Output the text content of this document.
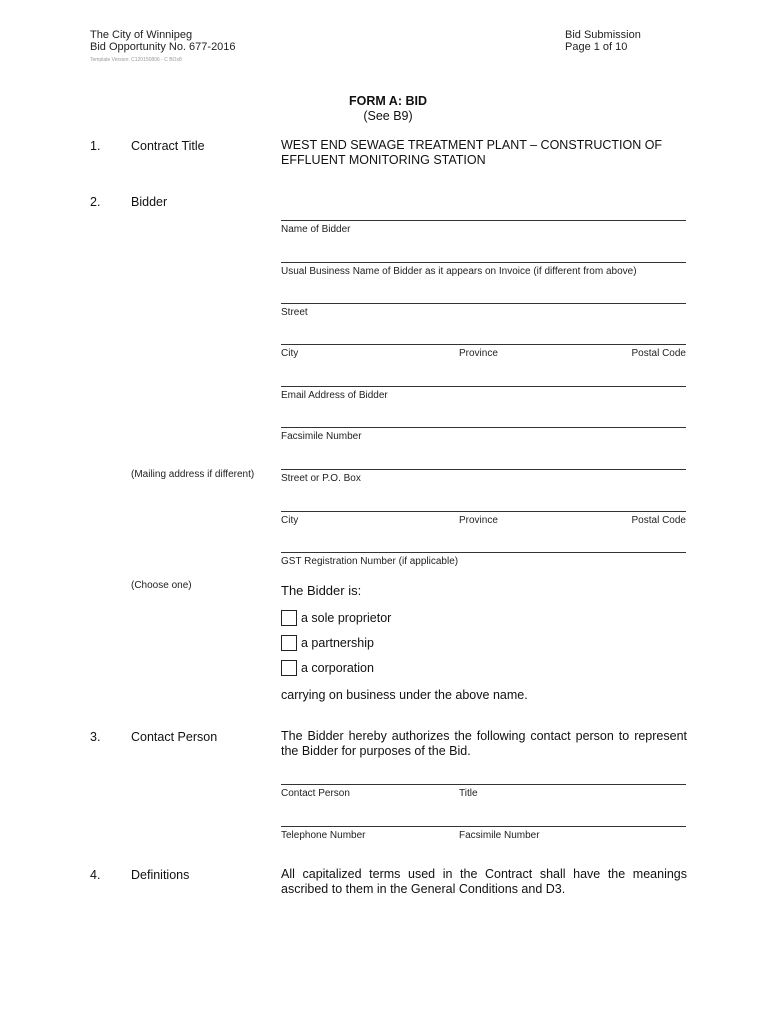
The City of Winnipeg
Bid Opportunity No. 677-2016
Template Version: C120150806 - C BOx8
Bid Submission
Page 1 of 10
FORM A: BID
(See B9)
1. Contract Title	WEST END SEWAGE TREATMENT PLANT – CONSTRUCTION OF
EFFLUENT MONITORING STATION
2. Bidder
Name of Bidder
Usual Business Name of Bidder as it appears on Invoice (if different from above)
Street
City	Province	Postal Code
Email Address of Bidder
Facsimile Number
(Mailing address if different)	Street or P.O. Box
City	Province	Postal Code
GST Registration Number (if applicable)
(Choose one)	The Bidder is:
a sole proprietor
a partnership
a corporation
carrying on business under the above name.
3. Contact Person	The Bidder hereby authorizes the following contact person to represent the Bidder for purposes of the Bid.
Contact Person	Title
Telephone Number	Facsimile Number
4. Definitions	All capitalized terms used in the Contract shall have the meanings ascribed to them in the General Conditions and D3.
